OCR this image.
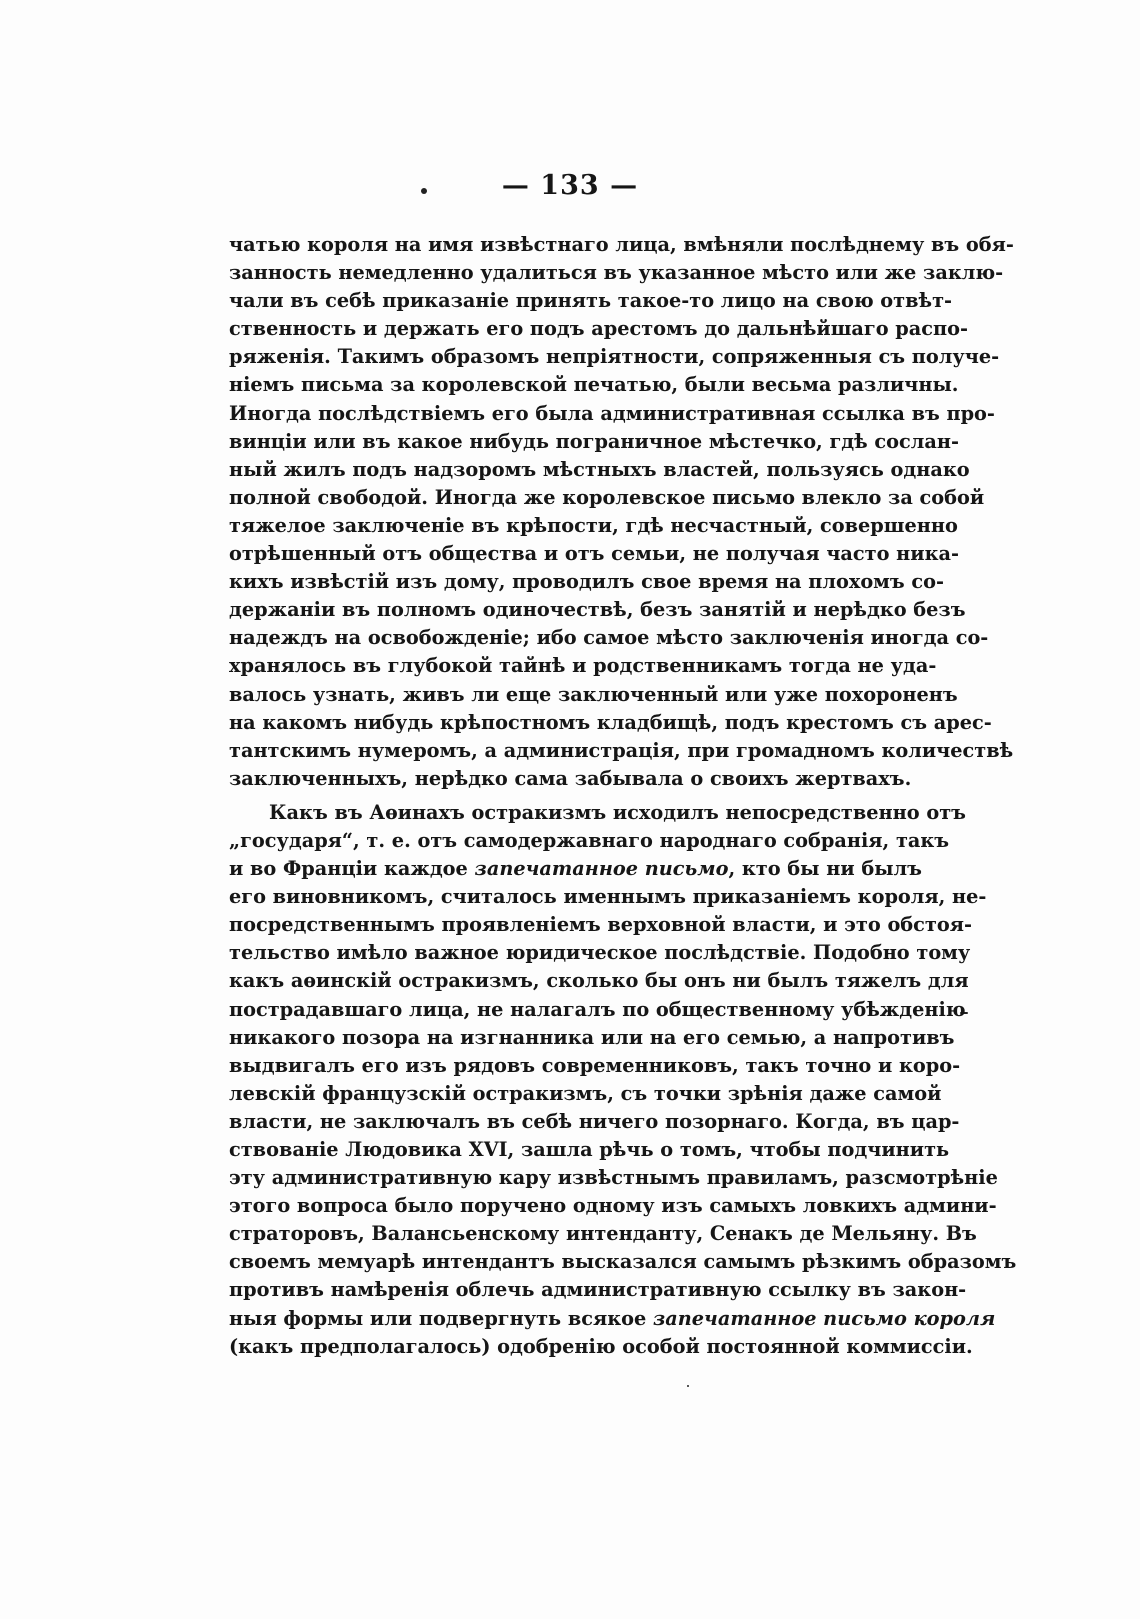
— 133 —
чатью короля на имя извѣстнаго лица, вмѣняли послѣднему въ обя-
занность немедленно удалиться въ указанное мѣсто или же заклю-
чали въ себѣ приказаніе принять такое-то лицо на свою отвѣт-
ственность и держать его подъ арестомъ до дальнѣйшаго распо-
ряженія. Такимъ образомъ непріятности, сопряженныя съ получе-
ніемъ письма за королевской печатью, были весьма различны.
Иногда послѣдствіемъ его была административная ссылка въ про-
винціи или въ какое нибудь пограничное мѣстечко, гдѣ сослан-
ный жилъ подъ надзоромъ мѣстныхъ властей, пользуясь однако
полной свободой. Иногда же королевское письмо влекло за собой
тяжелое заключеніе въ крѣпости, гдѣ несчастный, совершенно
отрѣшенный отъ общества и отъ семьи, не получая часто ника-
кихъ извѣстій изъ дому, проводилъ свое время на плохомъ со-
держаніи въ полномъ одиночествѣ, безъ занятій и нерѣдко безъ
надеждъ на освобожденіе; ибо самое мѣсто заключенія иногда со-
хранялось въ глубокой тайнѣ и родственникамъ тогда не уда-
валось узнать, живъ ли еще заключенный или уже похороненъ
на какомъ нибудь крѣпостномъ кладбищѣ, подъ крестомъ съ арес-
тантскимъ нумеромъ, а администрація, при громадномъ количествѣ
заключенныхъ, нерѣдко сама забывала о своихъ жертвахъ.
Какъ въ Аѳинахъ остракизмъ исходилъ непосредственно отъ
„государя“, т. е. отъ самодержавнаго народнаго собранія, такъ
и во Франціи каждое запечатанное письмо, кто бы ни былъ
его виновникомъ, считалось именнымъ приказаніемъ короля, не-
посредственнымъ проявленіемъ верховной власти, и это обстоя-
тельство имѣло важное юридическое послѣдствіе. Подобно тому
какъ аѳинскій остракизмъ, сколько бы онъ ни былъ тяжелъ для
пострадавшаго лица, не налагалъ по общественному убѣжденію
никакого позора на изгнанника или на его семью, а напротивъ
выдвигалъ его изъ рядовъ современниковъ, такъ точно и коро-
левскій французскій остракизмъ, съ точки зрѣнія даже самой
власти, не заключалъ въ себѣ ничего позорнаго. Когда, въ цар-
ствованіе Людовика XVI, зашла рѣчь о томъ, чтобы подчинить
эту административную кару извѣстнымъ правиламъ, разсмотрѣніе
этого вопроса было поручено одному изъ самыхъ ловкихъ админи-
страторовъ, Валансьенскому интенданту, Сенакъ де Мельяну. Въ
своемъ мемуарѣ интендантъ высказался самымъ рѣзкимъ образомъ
противъ намѣренія облечь административную ссылку въ закон-
ныя формы или подвергнуть всякое запечатанное письмо короля
(какъ предполагалось) одобренію особой постоянной коммиссіи.
